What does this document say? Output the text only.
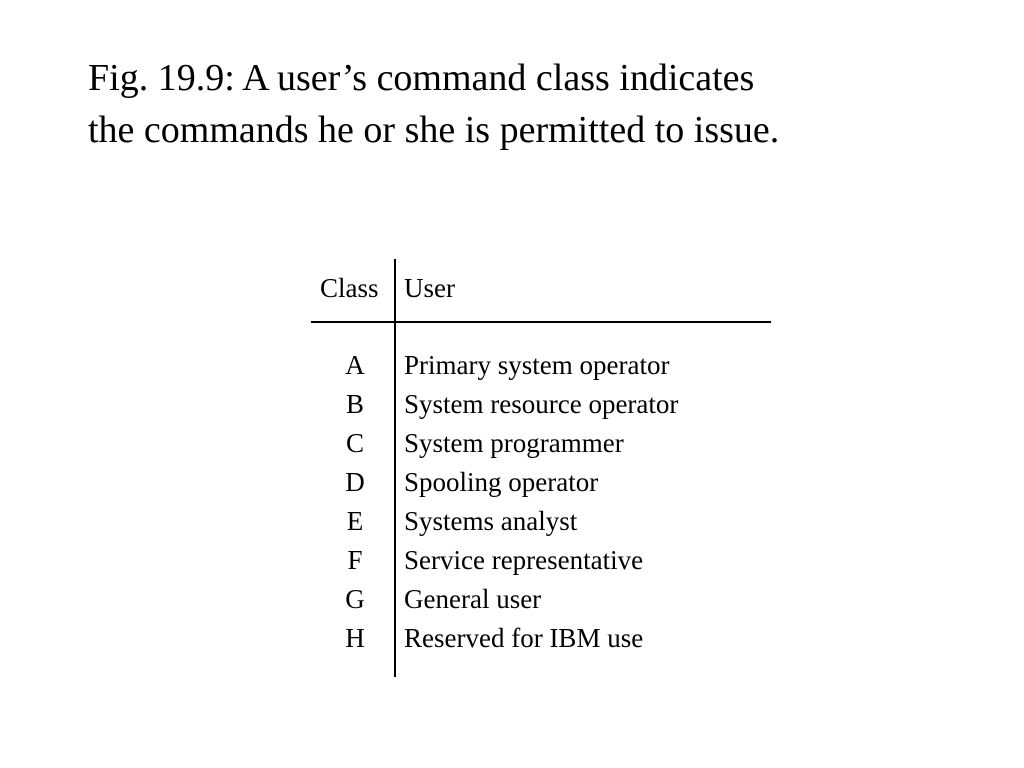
Fig. 19.9: A user’s command class indicates
the commands he or she is permitted to issue.
Class User
A	Primary system operator
B	System resource operator
C	System programmer
D	Spooling operator
E	Systems analyst
F	Service representative
G	General user
H	Reserved for IBM use
